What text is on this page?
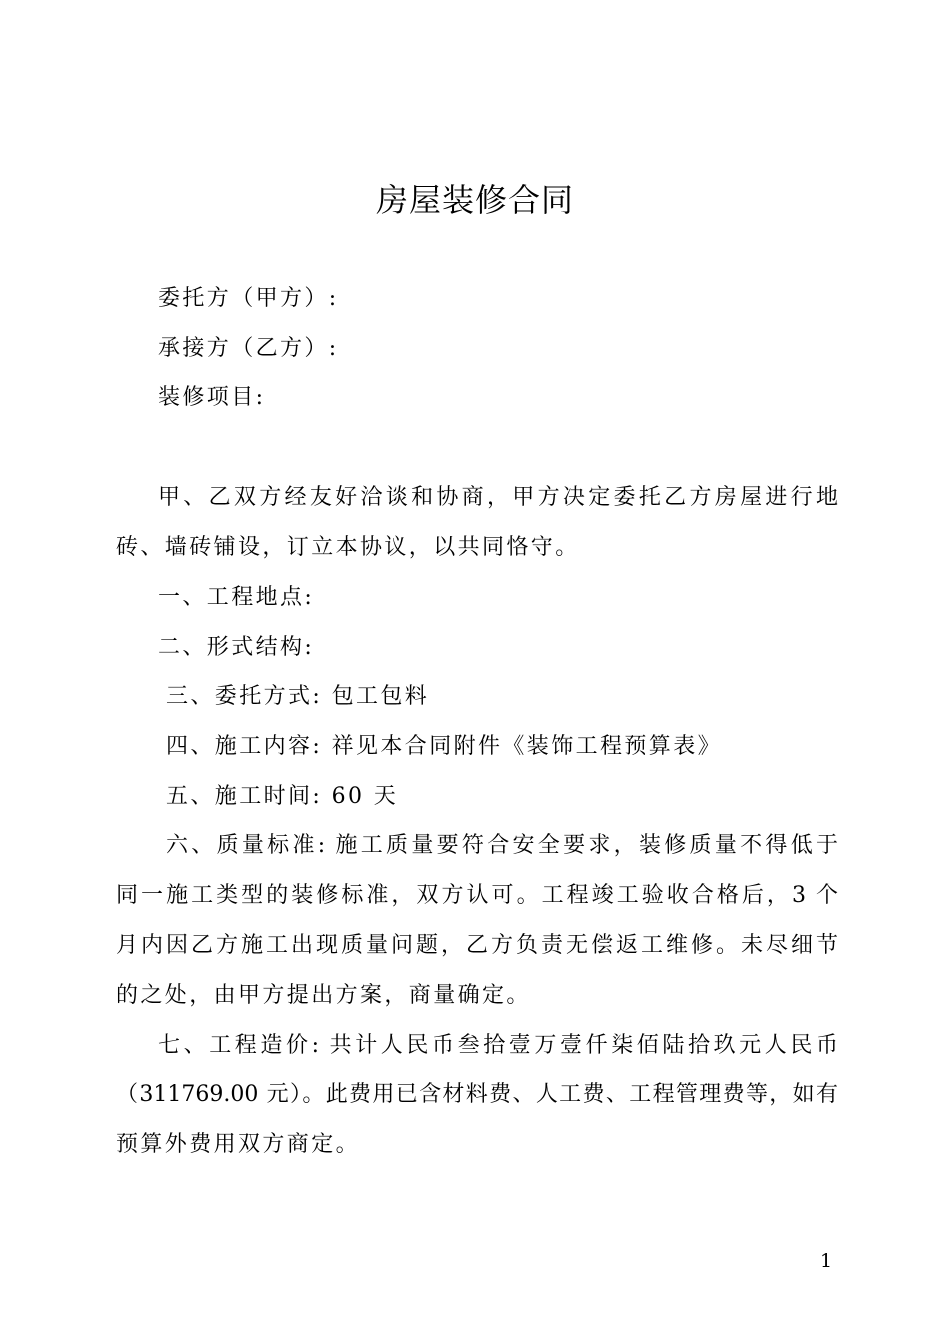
房屋装修合同
委托方（甲方）:
承接方（乙方）:
装修项目:
甲、乙双方经友好洽谈和协商，甲方决定委托乙方房屋进行地
砖、墙砖铺设，订立本协议，以共同恪守。
一、工程地点:
二、形式结构:
三、委托方式: 包工包料
四、施工内容: 祥见本合同附件《装饰工程预算表》
五、施工时间: 60 天
六、质量标准: 施工质量要符合安全要求，装修质量不得低于
同一施工类型的装修标准，双方认可。工程竣工验收合格后，3 个
月内因乙方施工出现质量问题，乙方负责无偿返工维修。未尽细节
的之处，由甲方提出方案，商量确定。
七、工程造价: 共计人民币叁拾壹万壹仟柒佰陆拾玖元人民币
（311769.00 元）。此费用已含材料费、人工费、工程管理费等，如有
预算外费用双方商定。
1
